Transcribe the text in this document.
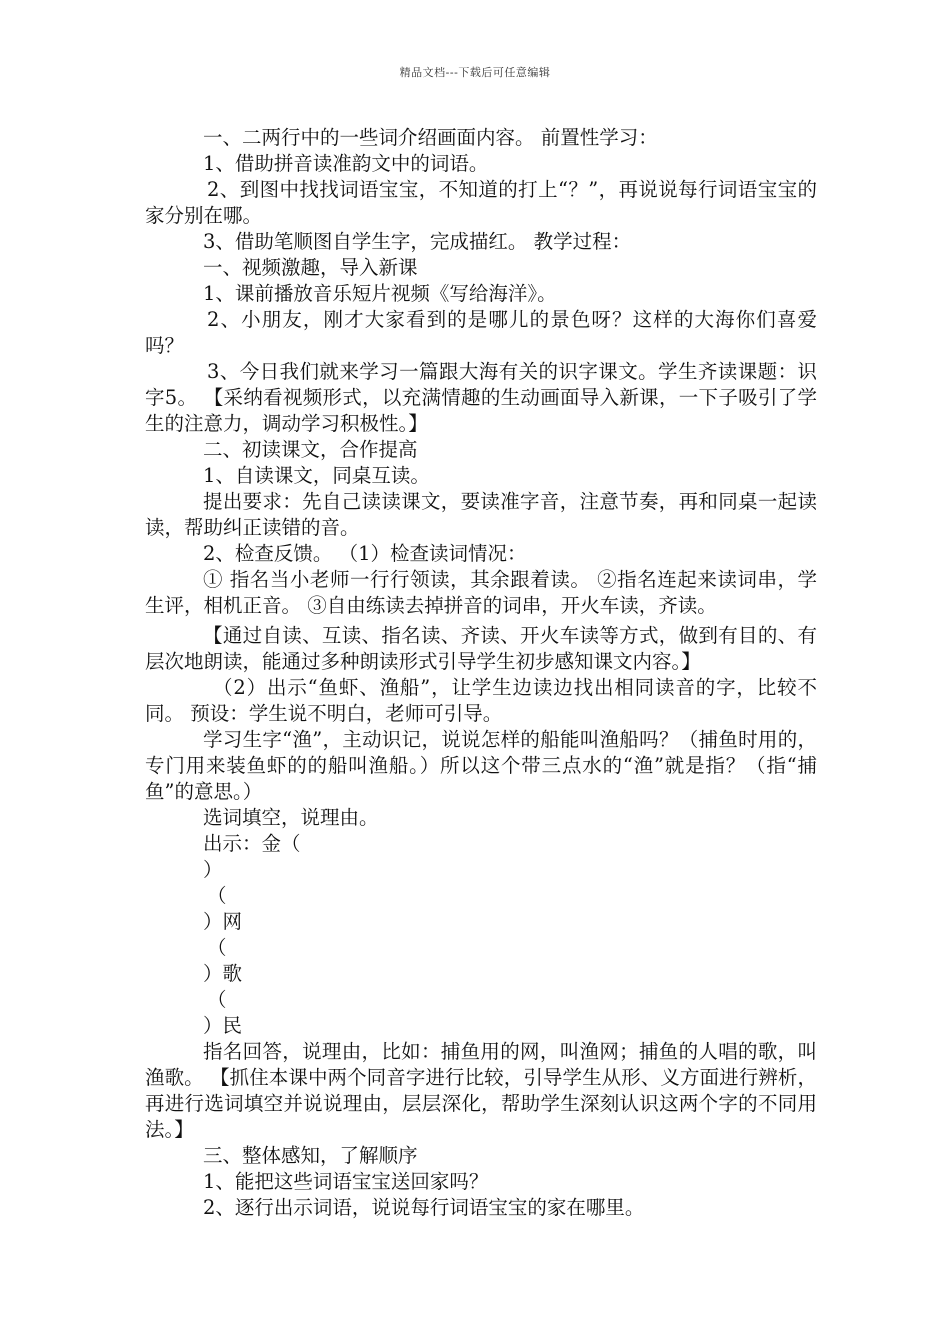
精品文档---下载后可任意编辑

一、二两行中的一些词介绍画面内容。 前置性学习：

1、借助拼音读准韵文中的词语。

2、到图中找找词语宝宝，不知道的打上“？”，再说说每行词语宝宝的家分别在哪。

3、借助笔顺图自学生字，完成描红。 教学过程：

一、视频激趣，导入新课

1、课前播放音乐短片视频《写给海洋》。

2、小朋友，刚才大家看到的是哪儿的景色呀？这样的大海你们喜爱吗？

3、今日我们就来学习一篇跟大海有关的识字课文。学生齐读课题：识字5。 【采纳看视频形式，以充满情趣的生动画面导入新课，一下子吸引了学生的注意力，调动学习积极性。】

二、初读课文，合作提高

1、自读课文，同桌互读。

提出要求：先自己读读课文，要读准字音，注意节奏，再和同桌一起读读，帮助纠正读错的音。

2、检查反馈。 （1）检查读词情况：

① 指名当小老师一行行领读，其余跟着读。 ②指名连起来读词串，学生评，相机正音。 ③自由练读去掉拼音的词串，开火车读，齐读。

【通过自读、互读、指名读、齐读、开火车读等方式，做到有目的、有层次地朗读，能通过多种朗读形式引导学生初步感知课文内容。】

（2）出示“鱼虾、渔船”，让学生边读边找出相同读音的字，比较不同。 预设：学生说不明白，老师可引导。

学习生字“渔”，主动识记，说说怎样的船能叫渔船吗？（捕鱼时用的，专门用来装鱼虾的的船叫渔船。）所以这个带三点水的“渔”就是指？（指“捕鱼”的意思。）

选词填空，说理由。

出示：金（

）

（

）网

（

）歌

（

）民

指名回答，说理由，比如：捕鱼用的网，叫渔网；捕鱼的人唱的歌，叫渔歌。 【抓住本课中两个同音字进行比较，引导学生从形、义方面进行辨析，再进行选词填空并说说理由，层层深化，帮助学生深刻认识这两个字的不同用法。】

三、整体感知，了解顺序

1、能把这些词语宝宝送回家吗？

2、逐行出示词语，说说每行词语宝宝的家在哪里。
